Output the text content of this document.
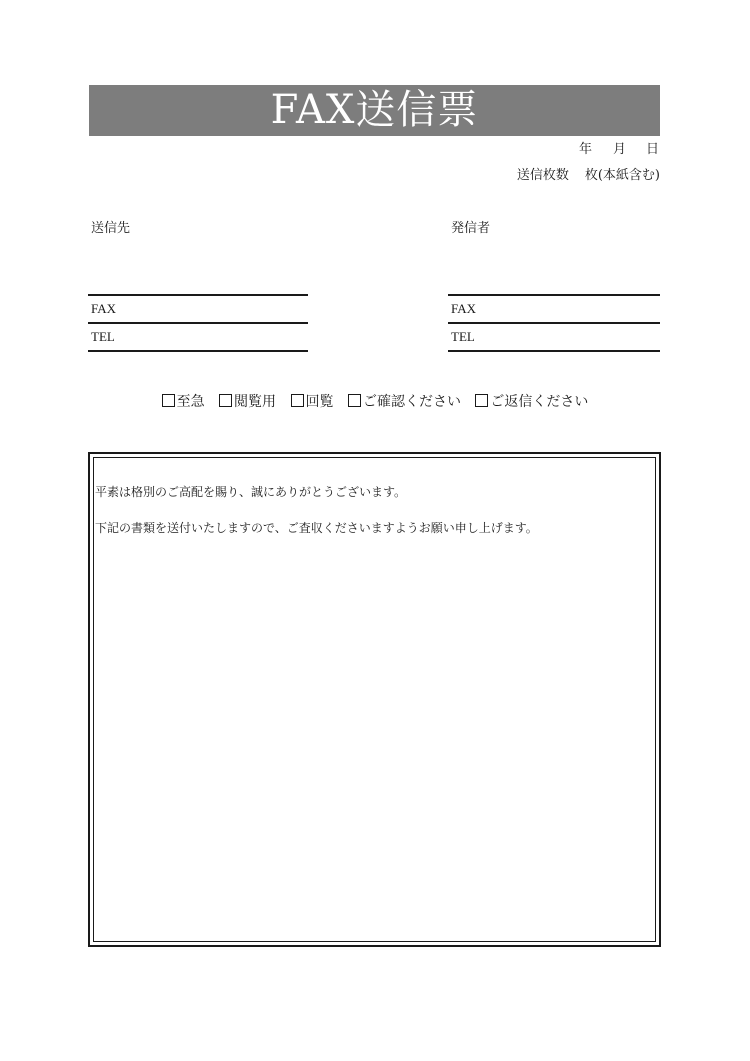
FAX送信票
年 月 日
送信枚数 枚(本紙含む)
送信先	発信者
FAX
TEL
FAX
TEL
至急 閲覧用 回覧 ご確認ください ご返信ください
平素は格別のご高配を賜り、誠にありがとうございます。
下記の書類を送付いたしますので、ご査収くださいますようお願い申し上げます。
